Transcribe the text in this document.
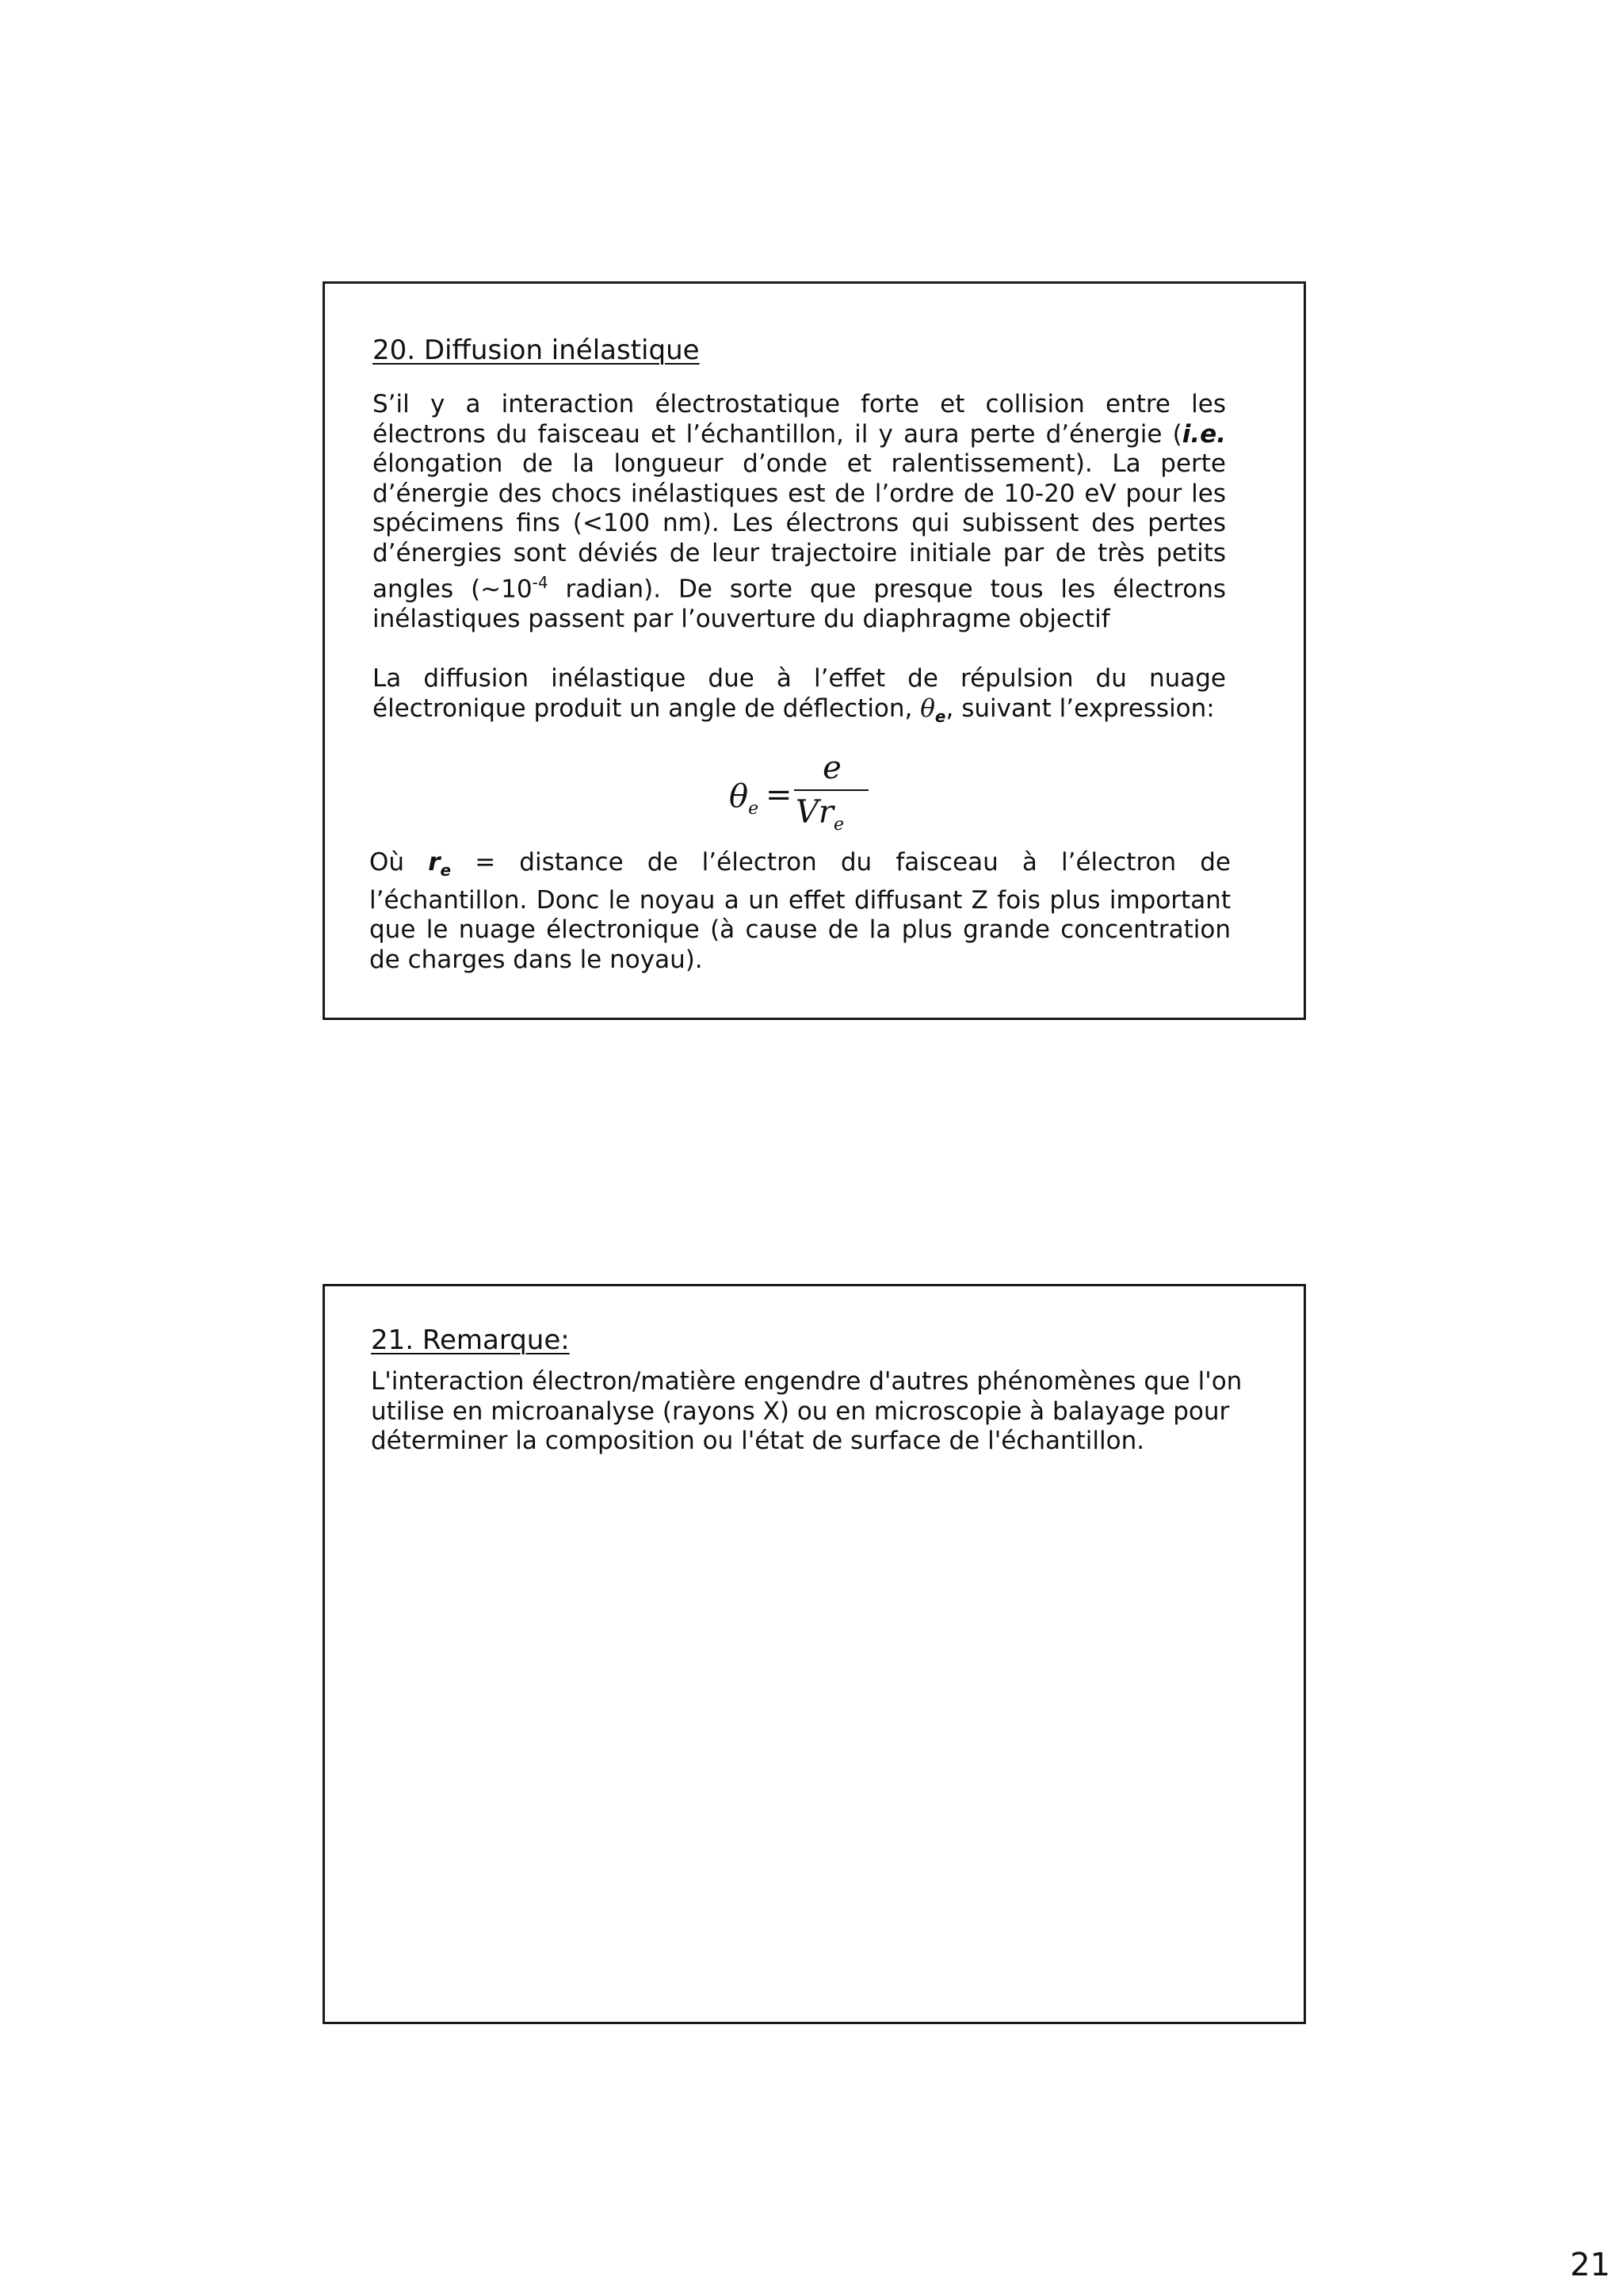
20. Diffusion inélastique

S’il y a interaction électrostatique forte et collision entre les électrons du faisceau et l’échantillon, il y aura perte d’énergie (i.e. élongation de la longueur d’onde et ralentissement). La perte d’énergie des chocs inélastiques est de l’ordre de 10-20 eV pour les spécimens fins (<100 nm). Les électrons qui subissent des pertes d’énergies sont déviés de leur trajectoire initiale par de très petits angles ($\sim 10^{-4}$ radian). De sorte que presque tous les électrons inélastiques passent par l’ouverture du diaphragme objectif

La diffusion inélastique due à l’effet de répulsion du nuage électronique produit un angle de déflection, $\theta_e$, suivant l’expression:

$\theta_e$ =
e
$Vr_e$

Où $r_e$ = distance de l’électron du faisceau à l’électron de l’échantillon. Donc le noyau a un effet diffusant Z fois plus important que le nuage électronique (à cause de la plus grande concentration de charges dans le noyau).

21. Remarque:

L'interaction électron/matière engendre d'autres phénomènes que l'on utilise en microanalyse (rayons X) ou en microscopie à balayage pour déterminer la composition ou l'état de surface de l'échantillon.

21
